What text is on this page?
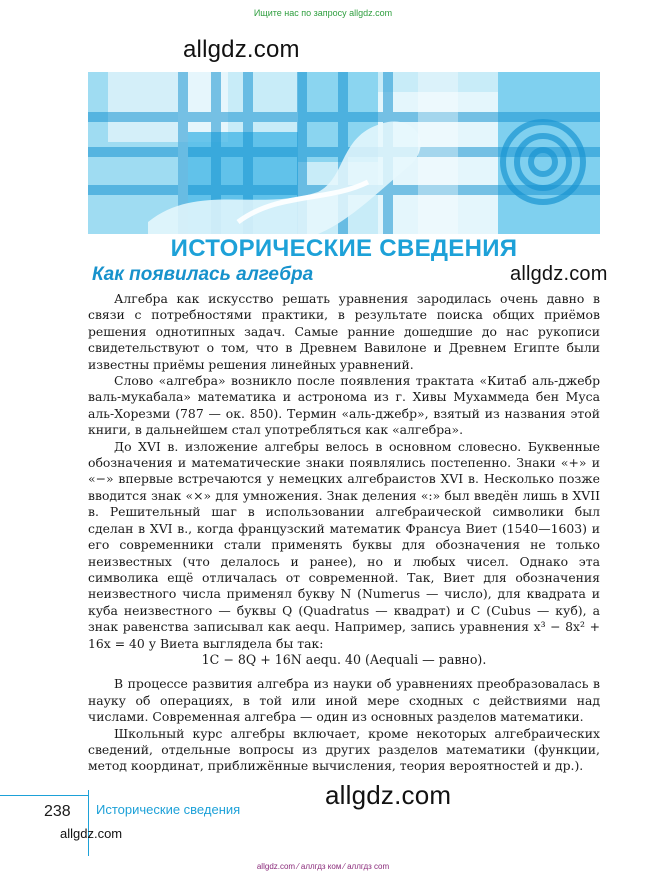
Ищите нас по запросу allgdz.com
ИСТОРИЧЕСКИЕ СВЕДЕНИЯ
Как появилась алгебра
allgdz.com
allgdz.com

Алгебра как искусство решать уравнения зародилась очень давно в связи с потребностями практики, в результате поиска общих приёмов решения однотипных задач. Самые ранние дошедшие до нас рукописи свидетельствуют о том, что в Древнем Вавилоне и Древнем Египте были известны приёмы решения линейных уравнений.

Слово «алгебра» возникло после появления трактата «Китаб аль-джебр валь-мукабала» математика и астронома из г. Хивы Мухаммеда бен Муса аль-Хорезми (787 — ок. 850). Термин «аль-джебр», взятый из названия этой книги, в дальнейшем стал употребляться как «алгебра».

До XVI в. изложение алгебры велось в основном словесно. Буквенные обозначения и математические знаки появлялись постепенно. Знаки «+» и «−» впервые встречаются у немецких алгебраистов XVI в. Несколько позже вводится знак «×» для умножения. Знак деления «:» был введён лишь в XVII в. Решительный шаг в использовании алгебраической символики был сделан в XVI в., когда французский математик Франсуа Виет (1540—1603) и его современники стали применять буквы для обозначения не только неизвестных (что делалось и ранее), но и любых чисел. Однако эта символика ещё отличалась от современной. Так, Виет для обозначения неизвестного числа применял букву N (Numerus — число), для квадрата и куба неизвестного — буквы Q (Quadratus — квадрат) и C (Cubus — куб), а знак равенства записывал как aequ. Например, запись уравнения x³ − 8x² + 16x = 40 у Виета выглядела бы так:

1C − 8Q + 16N aequ. 40 (Aequali — равно).

В процессе развития алгебра из науки об уравнениях преобразовалась в науку об операциях, в той или иной мере сходных с действиями над числами. Современная алгебра — один из основных разделов математики.

Школьный курс алгебры включает, кроме некоторых алгебраических сведений, отдельные вопросы из других разделов математики (функции, метод координат, приближённые вычисления, теория вероятностей и др.).

allgdz.com
238 Исторические сведения
allgdz.com
allgdz.com ⁄ аллгдз ком ⁄ аллгдз com
